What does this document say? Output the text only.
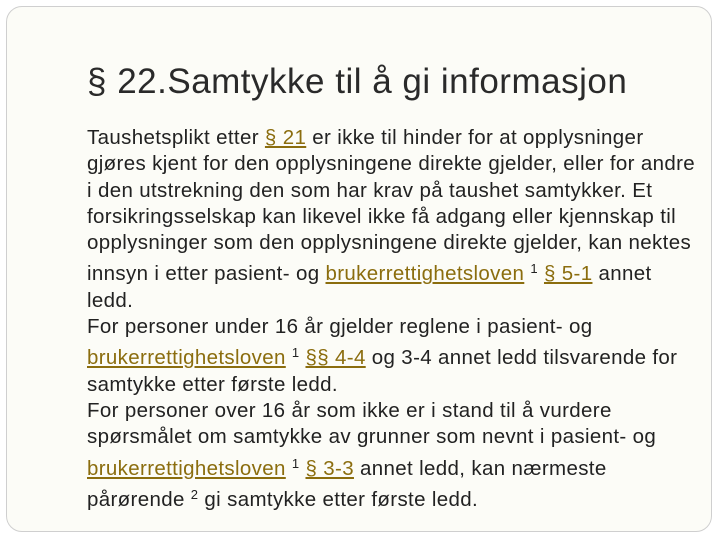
§ 22.Samtykke til å gi informasjon

Taushetsplikt etter § 21 er ikke til hinder for at opplysninger gjøres kjent for den opplysningene direkte gjelder, eller for andre i den utstrekning den som har krav på taushet samtykker. Et forsikringsselskap kan likevel ikke få adgang eller kjennskap til opplysninger som den opplysningene direkte gjelder, kan nektes innsyn i etter pasient- og brukerrettighetsloven $^1$ § 5-1 annet ledd.

For personer under 16 år gjelder reglene i pasient- og brukerrettighetsloven $^1$ §§ 4-4 og 3-4 annet ledd tilsvarende for samtykke etter første ledd.

For personer over 16 år som ikke er i stand til å vurdere spørsmålet om samtykke av grunner som nevnt i pasient- og brukerrettighetsloven $^1$ § 3-3 annet ledd, kan nærmeste pårørende $^2$ gi samtykke etter første ledd.
